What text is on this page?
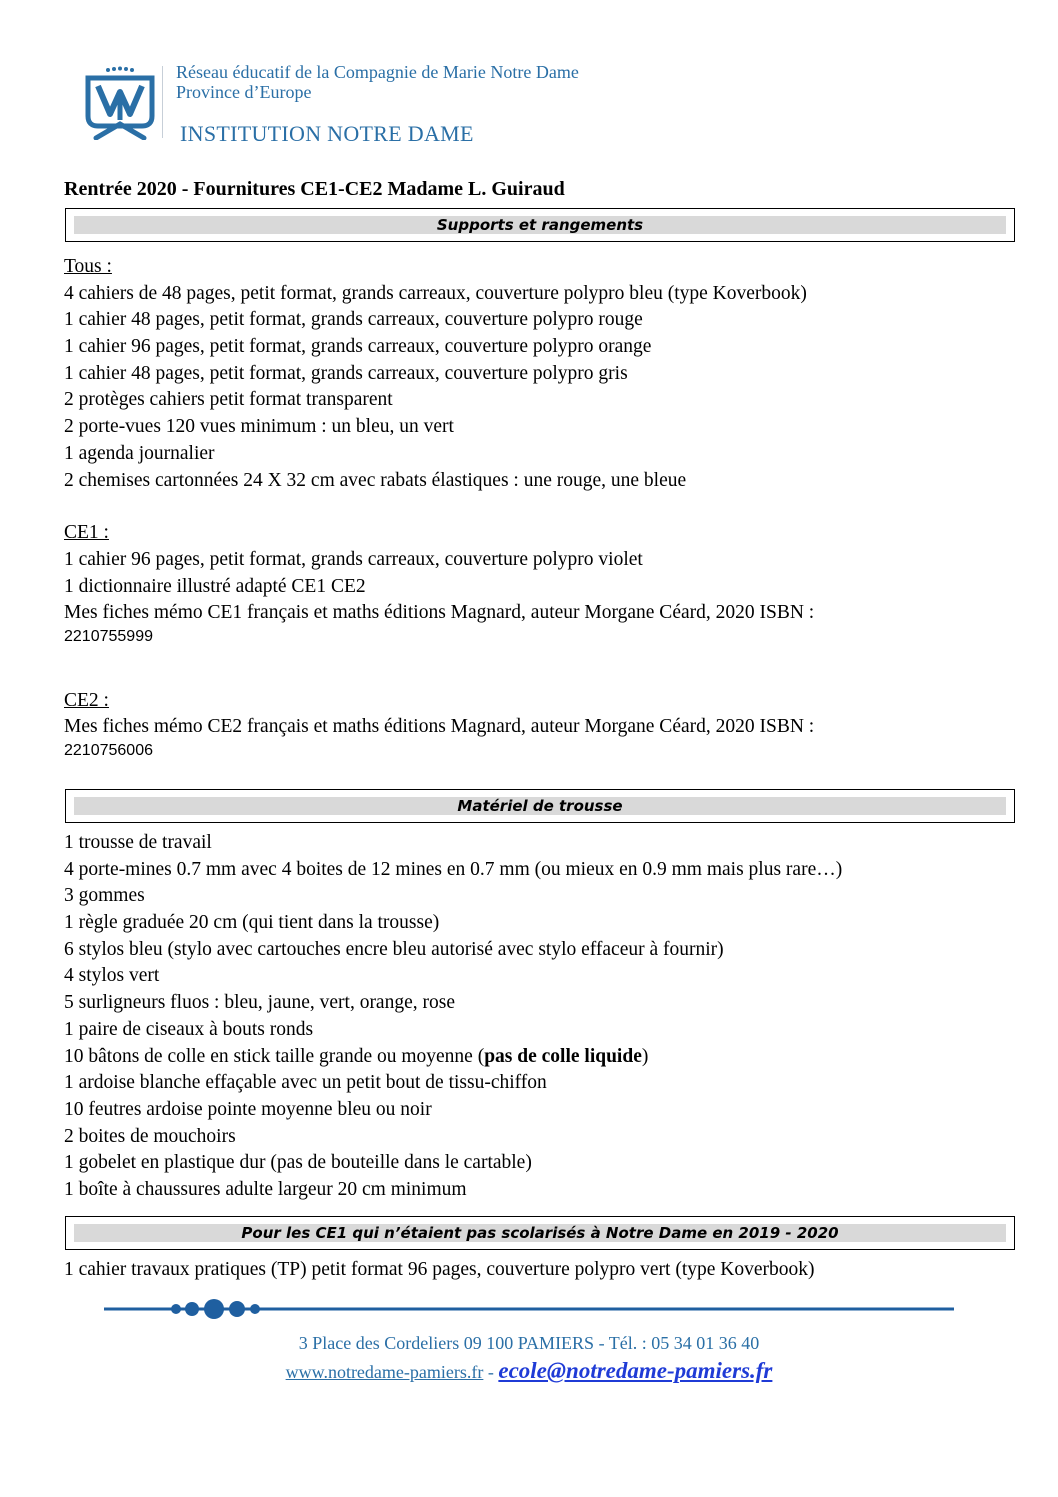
Réseau éducatif de la Compagnie de Marie Notre Dame
Province d’Europe
INSTITUTION NOTRE DAME
Rentrée 2020 - Fournitures CE1-CE2 Madame L. Guiraud
Supports et rangements
Tous :
4 cahiers de 48 pages, petit format, grands carreaux, couverture polypro bleu (type Koverbook)
1 cahier 48 pages, petit format, grands carreaux, couverture polypro rouge
1 cahier 96 pages, petit format, grands carreaux, couverture polypro orange
1 cahier 48 pages, petit format, grands carreaux, couverture polypro gris
2 protèges cahiers petit format transparent
2 porte-vues 120 vues minimum : un bleu, un vert
1 agenda journalier
2 chemises cartonnées 24 X 32 cm avec rabats élastiques : une rouge, une bleue
CE1 :
1 cahier 96 pages, petit format, grands carreaux, couverture polypro violet
1 dictionnaire illustré adapté CE1 CE2
Mes fiches mémo CE1 français et maths éditions Magnard, auteur Morgane Céard, 2020 ISBN :
2210755999
CE2 :
Mes fiches mémo CE2 français et maths éditions Magnard, auteur Morgane Céard, 2020 ISBN :
2210756006
Matériel de trousse
1 trousse de travail
4 porte-mines 0.7 mm avec 4 boites de 12 mines en 0.7 mm (ou mieux en 0.9 mm mais plus rare…)
3 gommes
1 règle graduée 20 cm (qui tient dans la trousse)
6 stylos bleu (stylo avec cartouches encre bleu autorisé avec stylo effaceur à fournir)
4 stylos vert
5 surligneurs fluos : bleu, jaune, vert, orange, rose
1 paire de ciseaux à bouts ronds
10 bâtons de colle en stick taille grande ou moyenne (pas de colle liquide)
1 ardoise blanche effaçable avec un petit bout de tissu-chiffon
10 feutres ardoise pointe moyenne bleu ou noir
2 boites de mouchoirs
1 gobelet en plastique dur (pas de bouteille dans le cartable)
1 boîte à chaussures adulte largeur 20 cm minimum
Pour les CE1 qui n’étaient pas scolarisés à Notre Dame en 2019 - 2020
1 cahier travaux pratiques (TP) petit format 96 pages, couverture polypro vert (type Koverbook)
3 Place des Cordeliers 09 100 PAMIERS - Tél. : 05 34 01 36 40
www.notredame-pamiers.fr - ecole@notredame-pamiers.fr
